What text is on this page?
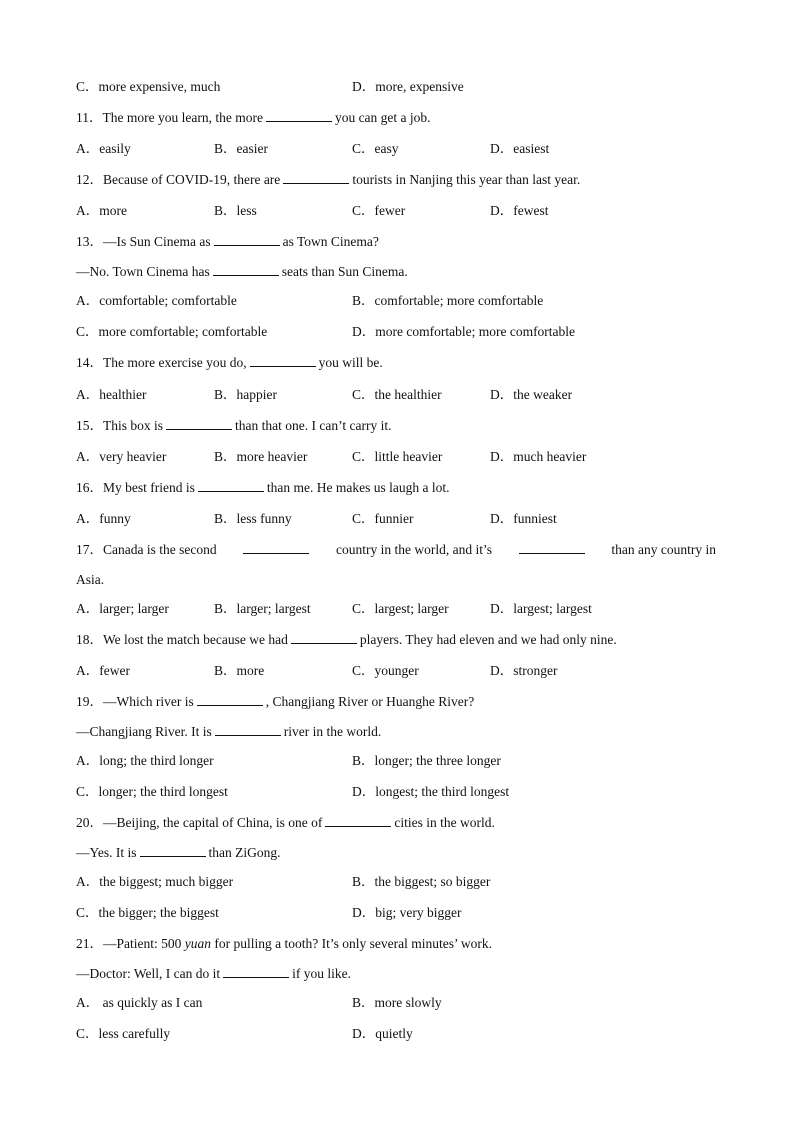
C．more expensive, much	D．more, expensive
11．The more you learn, the more	you can get a job.
A．easily	B．easier	C．easy	D．easiest
12．Because of COVID-19, there are	tourists in Nanjing this year than last year.
A．more	B．less	C．fewer	D．fewest
13．—Is Sun Cinema as	as Town Cinema?
—No. Town Cinema has	seats than Sun Cinema.
A．comfortable; comfortable	B．comfortable; more comfortable
C．more comfortable; comfortable	D．more comfortable; more comfortable
14．The more exercise you do,	you will be.
A．healthier	B．happier	C．the healthier	D．the weaker
15．This box is	than that one. I can’t carry it.
A．very heavier	B．more heavier	C．little heavier	D．much heavier
16．My best friend is	than me. He makes us laugh a lot.
A．funny	B．less funny	C．funnier	D．funniest
17．Canada is the second	country in the world, and it’s	than any country in
Asia.
A．larger; larger	B．larger; largest	C．largest; larger	D．largest; largest
18．We lost the match because we had	players. They had eleven and we had only nine.
A．fewer	B．more	C．younger	D．stronger
19．—Which river is	, Changjiang River or Huanghe River?
—Changjiang River. It is	river in the world.
A．long; the third longer	B．longer; the three longer
C．longer; the third longest	D．longest; the third longest
20．—Beijing, the capital of China, is one of	cities in the world.
—Yes. It is	than ZiGong.
A．the biggest; much bigger	B．the biggest; so bigger
C．the bigger; the biggest	D．big; very bigger
21．—Patient: 500 yuan for pulling a tooth? It’s only several minutes’ work.
—Doctor: Well, I can do it	if you like.
A． as quickly as I can	B．more slowly
C．less carefully	D．quietly
